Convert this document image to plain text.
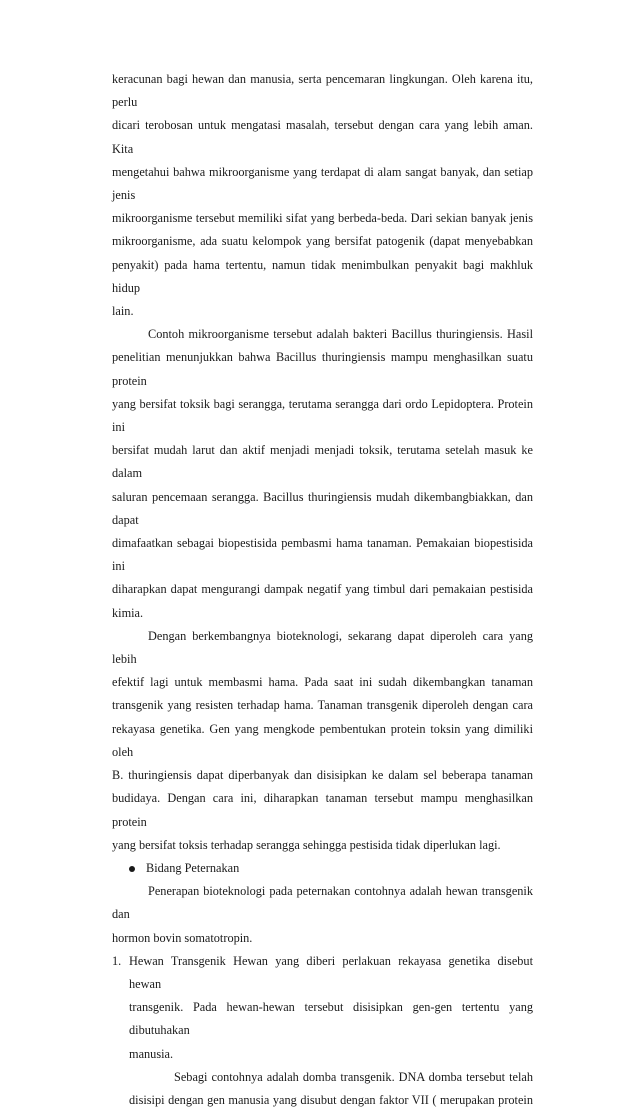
keracunan bagi hewan dan manusia, serta pencemaran lingkungan. Oleh karena itu, perlu

dicari terobosan untuk mengatasi masalah, tersebut dengan cara yang lebih aman. Kita

mengetahui bahwa mikroorganisme yang terdapat di alam sangat banyak, dan setiap jenis

mikroorganisme tersebut memiliki sifat yang berbeda-beda. Dari sekian banyak jenis

mikroorganisme, ada suatu kelompok yang bersifat patogenik (dapat menyebabkan

penyakit) pada hama tertentu, namun tidak menimbulkan penyakit bagi makhluk hidup

lain.

Contoh mikroorganisme tersebut adalah bakteri Bacillus thuringiensis. Hasil

penelitian menunjukkan bahwa Bacillus thuringiensis mampu menghasilkan suatu protein

yang bersifat toksik bagi serangga, terutama serangga dari ordo Lepidoptera. Protein ini

bersifat mudah larut dan aktif menjadi menjadi toksik, terutama setelah masuk ke dalam

saluran pencemaan serangga. Bacillus thuringiensis mudah dikembangbiakkan, dan dapat

dimafaatkan sebagai biopestisida pembasmi hama tanaman. Pemakaian biopestisida ini

diharapkan dapat mengurangi dampak negatif yang timbul dari pemakaian pestisida

kimia.

Dengan berkembangnya bioteknologi, sekarang dapat diperoleh cara yang lebih

efektif lagi untuk membasmi hama. Pada saat ini sudah dikembangkan tanaman

transgenik yang resisten terhadap hama. Tanaman transgenik diperoleh dengan cara

rekayasa genetika. Gen yang mengkode pembentukan protein toksin yang dimiliki oleh

B. thuringiensis dapat diperbanyak dan disisipkan ke dalam sel beberapa tanaman

budidaya. Dengan cara ini, diharapkan tanaman tersebut mampu menghasilkan protein

yang bersifat toksis terhadap serangga sehingga pestisida tidak diperlukan lagi.

Bidang Peternakan

Penerapan bioteknologi pada peternakan contohnya adalah hewan transgenik dan

hormon bovin somatotropin.

1. Hewan Transgenik Hewan yang diberi perlakuan rekayasa genetika disebut hewan

transgenik. Pada hewan-hewan tersebut disisipkan gen-gen tertentu yang dibutuhakan

manusia.

Sebagi contohnya adalah domba transgenik. DNA domba tersebut telah

disisipi dengan gen manusia yang disubut dengan faktor VII ( merupakan protein
